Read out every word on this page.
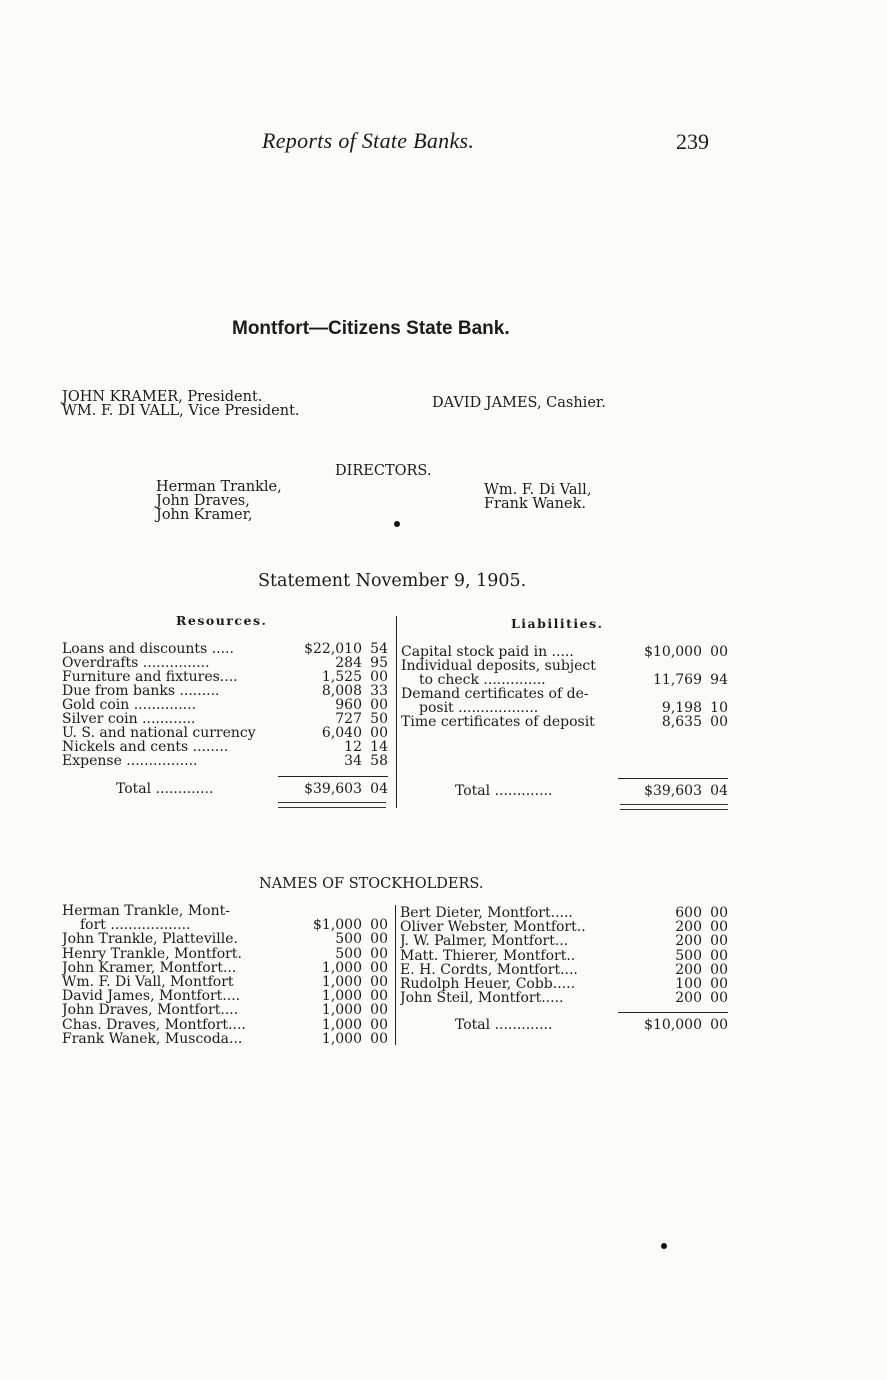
Reports of State Banks.	239
Montfort—Citizens State Bank.
JOHN KRAMER, President.
WM. F. DI VALL, Vice President.	DAVID JAMES, Cashier.
DIRECTORS.
Herman Trankle,
John Draves,
John Kramer,
Wm. F. Di Vall,
Frank Wanek.
Statement November 9, 1905.
Resources.	Liabilities.
Loans and discounts .....	$22,010 54
Overdrafts ...............	284 95
Furniture and fixtures....	1,525 00
Due from banks .........	8,008 33
Gold coin ..............	960 00
Silver coin ............	727 50
U. S. and national currency	6,040 00
Nickels and cents ........	12 14
Expense ................	34 58
Total .............	$39,603 04
Capital stock paid in .....	$10,000 00
Individual deposits, subject
to check ..............	11,769 94
Demand certificates of de-
posit ..................	9,198 10
Time certificates of deposit	8,635 00
Total .............	$39,603 04
NAMES OF STOCKHOLDERS.
Herman Trankle, Mont-
fort ..................	$1,000 00
John Trankle, Platteville.	500 00
Henry Trankle, Montfort.	500 00
John Kramer, Montfort...	1,000 00
Wm. F. Di Vall, Montfort	1,000 00
David James, Montfort....	1,000 00
John Draves, Montfort....	1,000 00
Chas. Draves, Montfort....	1,000 00
Frank Wanek, Muscoda...	1,000 00
Bert Dieter, Montfort.....	600 00
Oliver Webster, Montfort..	200 00
J. W. Palmer, Montfort...	200 00
Matt. Thierer, Montfort..	500 00
E. H. Cordts, Montfort....	200 00
Rudolph Heuer, Cobb.....	100 00
John Steil, Montfort.....	200 00
Total .............	$10,000 00
